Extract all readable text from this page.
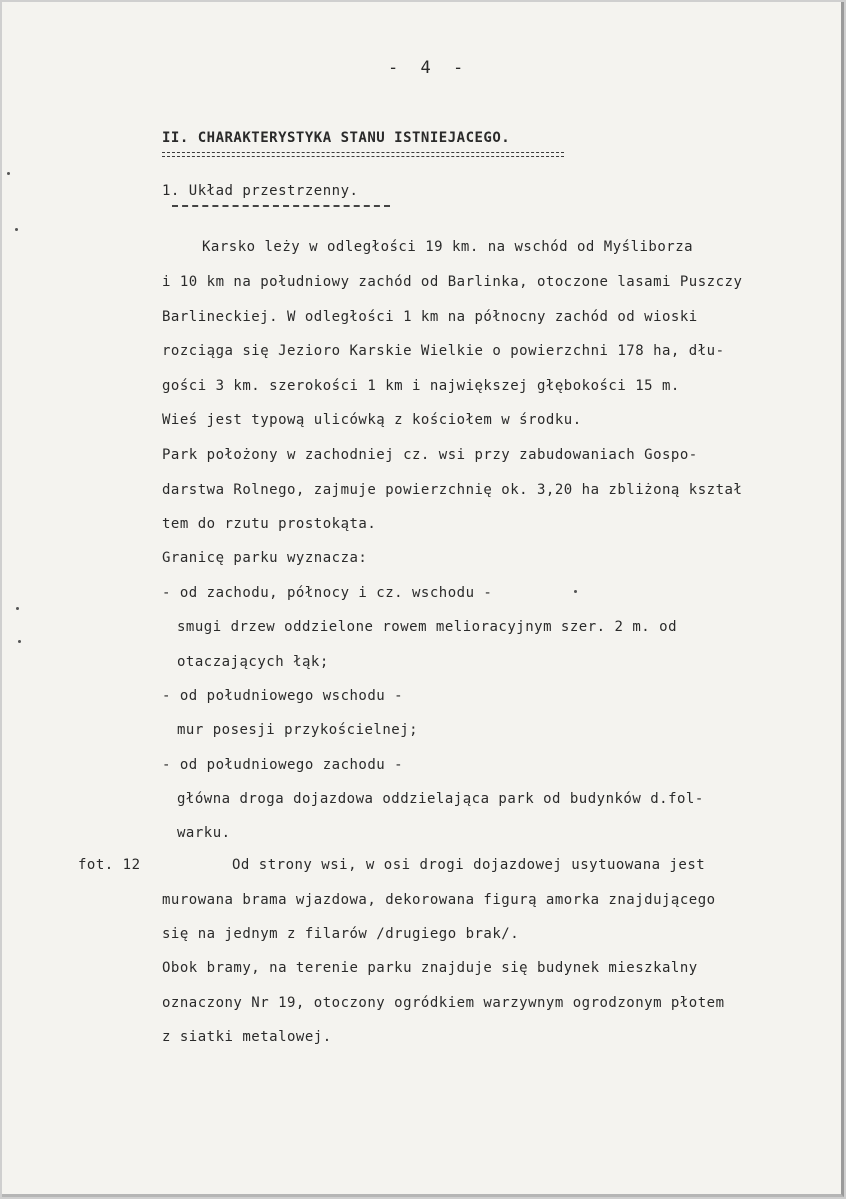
- 4 -
II. CHARAKTERYSTYKA STANU ISTNIEJACEGO.
1. Układ przestrzenny.
Karsko leży w odległości 19 km. na wschód od Myśliborza
i 10 km na południowy zachód od Barlinka, otoczone lasami Puszczy
Barlineckiej. W odległości 1 km na północny zachód od wioski
rozciąga się Jezioro Karskie Wielkie o powierzchni 178 ha, dłu-
gości 3 km. szerokości 1 km i największej głębokości 15 m.
Wieś jest typową ulicówką z kościołem w środku.
Park położony w zachodniej cz. wsi przy zabudowaniach Gospo-
darstwa Rolnego, zajmuje powierzchnię ok. 3,20 ha zbliżoną kształ
tem do rzutu prostokąta.
Granicę parku wyznacza:
- od zachodu, północy i cz. wschodu -
smugi drzew oddzielone rowem melioracyjnym szer. 2 m. od
otaczających łąk;
- od południowego wschodu -
mur posesji przykościelnej;
- od południowego zachodu -
główna droga dojazdowa oddzielająca park od budynków d.fol-
warku.
fot. 12	Od strony wsi, w osi drogi dojazdowej usytuowana jest
murowana brama wjazdowa, dekorowana figurą amorka znajdującego
się na jednym z filarów /drugiego brak/.
Obok bramy, na terenie parku znajduje się budynek mieszkalny
oznaczony Nr 19, otoczony ogródkiem warzywnym ogrodzonym płotem
z siatki metalowej.
